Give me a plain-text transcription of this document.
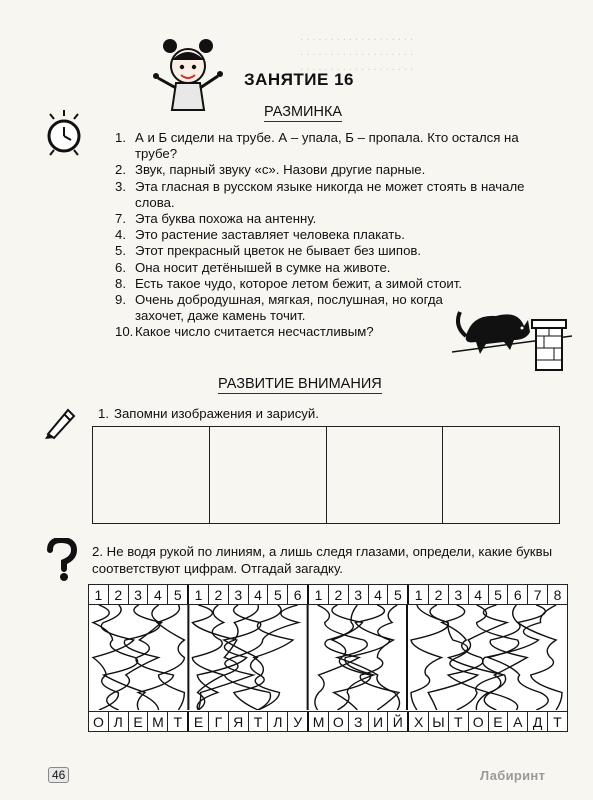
. . . . . . . . . . . . . . . . . . .
. . . . . . . . . . . . . . . . . . .
. . . . . . . . . . . . . . . . . . .
ЗАНЯТИЕ 16
РАЗМИНКА
1. А и Б сидели на трубе. А – упала, Б – пропала. Кто остался на трубе?
2. Звук, парный звуку «с». Назови другие парные.
3. Эта гласная в русском языке никогда не может стоять в начале слова.
7. Эта буква похожа на антенну.
4. Это растение заставляет человека плакать.
5. Этот прекрасный цветок не бывает без шипов.
6. Она носит детёнышей в сумке на животе.
8. Есть такое чудо, которое летом бежит, а зимой стоит.
9. Очень добродушная, мягкая, послушная, но когда захочет, даже камень точит.
10. Какое число считается несчастливым?
РАЗВИТИЕ ВНИМАНИЯ
1. Запомни изображения и зарисуй.
2. Не водя рукой по линиям, а лишь следя глазами, определи, какие буквы соответствуют цифрам. Отгадай загадку.
1 2 3 4 5 1 2 3 4 5 6 1 2 3 4 5 1 2 3 4 5 6 7 8
О Л Е М Т Е Г Я Т Л У М О З И Й Х Ы Т О Е А Д Т
46	Лабиринт
